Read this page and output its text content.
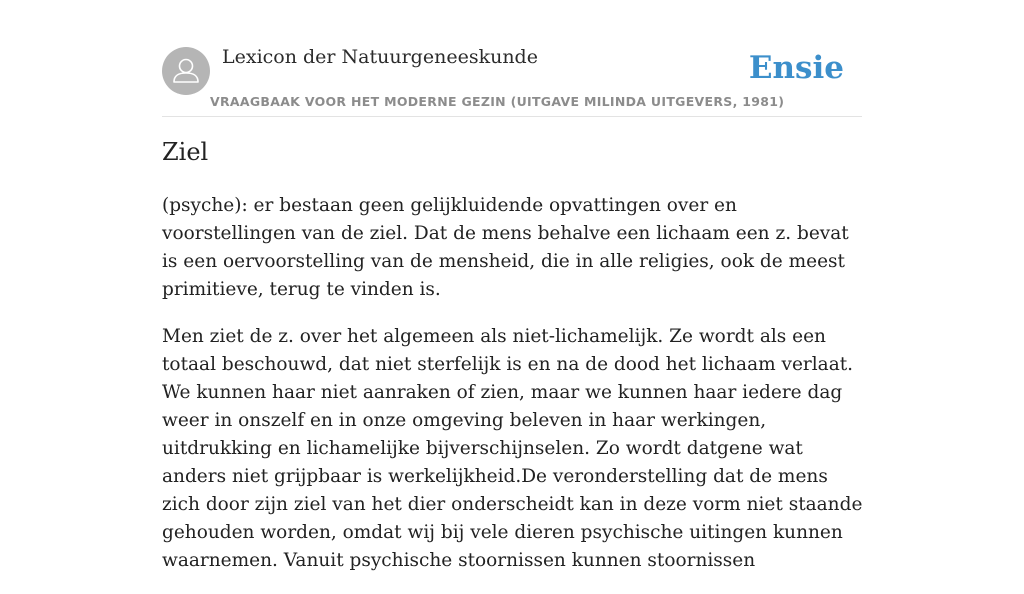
Lexicon der Natuurgeneeskunde
VRAAGBAAK VOOR HET MODERNE GEZIN (UITGAVE MILINDA UITGEVERS, 1981)
Ensie
Ziel

(psyche): er bestaan geen gelijkluidende opvattingen over en voorstellingen van de ziel. Dat de mens behalve een lichaam een z. bevat is een oervoorstelling van de mensheid, die in alle religies, ook de meest primitieve, terug te vinden is.

Men ziet de z. over het algemeen als niet-lichamelijk. Ze wordt als een totaal beschouwd, dat niet sterfelijk is en na de dood het lichaam verlaat. We kunnen haar niet aanraken of zien, maar we kunnen haar iedere dag weer in onszelf en in onze omgeving beleven in haar werkingen, uitdrukking en lichamelijke bijverschijnselen. Zo wordt datgene wat anders niet grijpbaar is werkelijkheid.De veronderstelling dat de mens zich door zijn ziel van het dier onderscheidt kan in deze vorm niet staande gehouden worden, omdat wij bij vele dieren psychische uitingen kunnen waarnemen. Vanuit psychische stoornissen kunnen stoornissen
